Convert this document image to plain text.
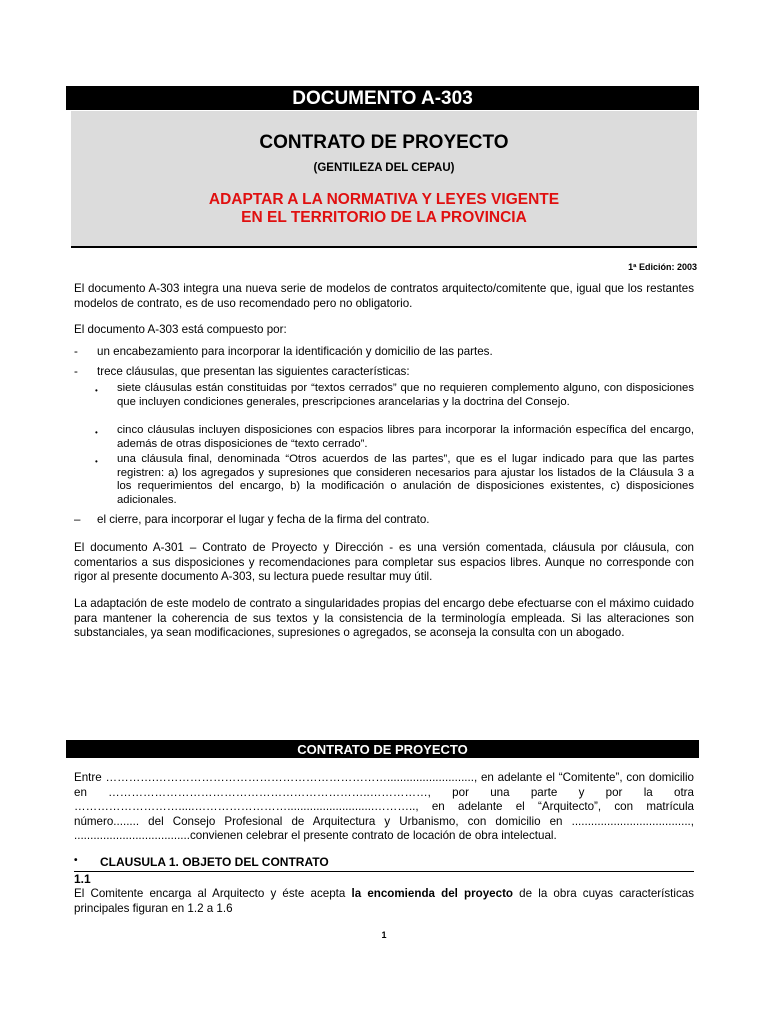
DOCUMENTO A-303
CONTRATO DE PROYECTO
(GENTILEZA DEL CEPAU)
ADAPTAR A LA NORMATIVA Y LEYES VIGENTE
EN EL TERRITORIO DE LA PROVINCIA
1ª Edición: 2003

El documento A-303 integra una nueva serie de modelos de contratos arquitecto/comitente que, igual que los restantes modelos de contrato, es de uso recomendado pero no obligatorio.

El documento A-303 está compuesto por:

- un encabezamiento para incorporar la identificación y domicilio de las partes.
- trece cláusulas, que presentan las siguientes características:
• siete cláusulas están constituidas por “textos cerrados” que no requieren complemento alguno, con disposiciones que incluyen condiciones generales, prescripciones arancelarias y la doctrina del Consejo.
• cinco cláusulas incluyen disposiciones con espacios libres para incorporar la información específica del encargo, además de otras disposiciones de “texto cerrado”.
• una cláusula final, denominada “Otros acuerdos de las partes”, que es el lugar indicado para que las partes registren: a) los agregados y supresiones que consideren necesarios para ajustar los listados de la Cláusula 3 a los requerimientos del encargo, b) la modificación o anulación de disposiciones existentes, c) disposiciones adicionales.
– el cierre, para incorporar el lugar y fecha de la firma del contrato.

El documento A-301 – Contrato de Proyecto y Dirección - es una versión comentada, cláusula por cláusula, con comentarios a sus disposiciones y recomendaciones para completar sus espacios libres. Aunque no corresponde con rigor al presente documento A-303, su lectura puede resultar muy útil.

La adaptación de este modelo de contrato a singularidades propias del encargo debe efectuarse con el máximo cuidado para mantener la coherencia de sus textos y la consistencia de la terminología empleada. Si las alteraciones son substanciales, ya sean modificaciones, supresiones o agregados, se aconseja la consulta con un abogado.

CONTRATO DE PROYECTO

Entre ………….……………………………………………………..........................., en adelante el “Comitente”, con domicilio en …………………………………………………………..……………, por una parte y por la otra ……………………….....……………………...........................……….., en adelante el “Arquitecto”, con matrícula número........ del Consejo Profesional de Arquitectura y Urbanismo, con domicilio en ....................................., ....................................convienen celebrar el presente contrato de locación de obra intelectual.

• CLAUSULA 1. OBJETO DEL CONTRATO
1.1

El Comitente encarga al Arquitecto y éste acepta la encomienda del proyecto de la obra cuyas características principales figuran en 1.2 a 1.6

1
